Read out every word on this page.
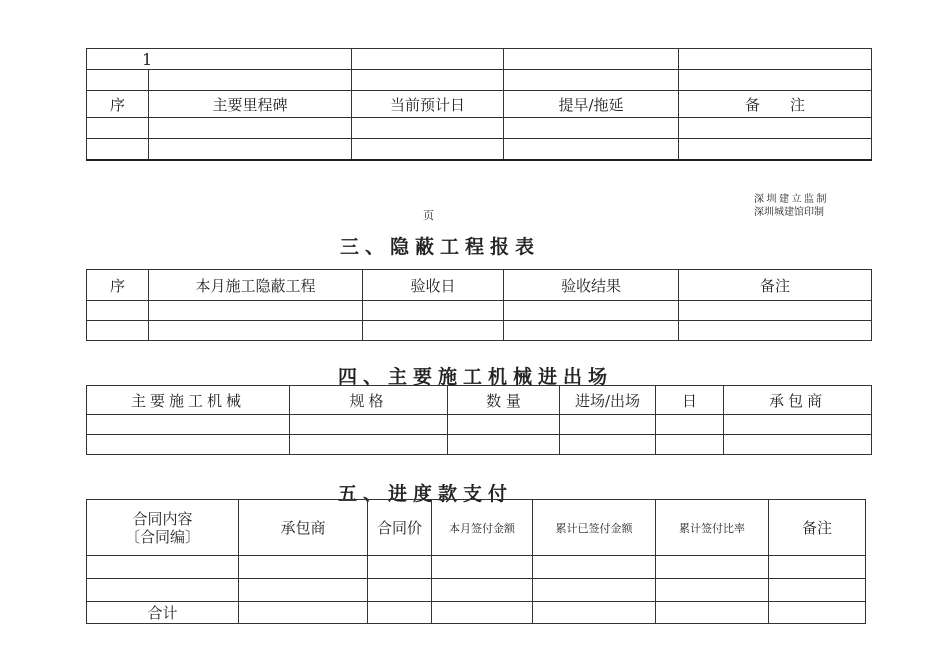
1				

序	主要里程碑	当前预计日	提早/拖延	备　　注

页
深圳建立监制
深圳城建馆印制
三、隐蔽工程报表
序	本月施工隐蔽工程	验收日	验收结果	备注

四、主要施工机械进出场
主要施工机械	规格	数 量	进场/出场	日	承包商

五、进度款支付
合同内容
〔合同编〕	承包商	合同价	本月签付金额	累计已签付金额	累计签付比率	备注

合计						
